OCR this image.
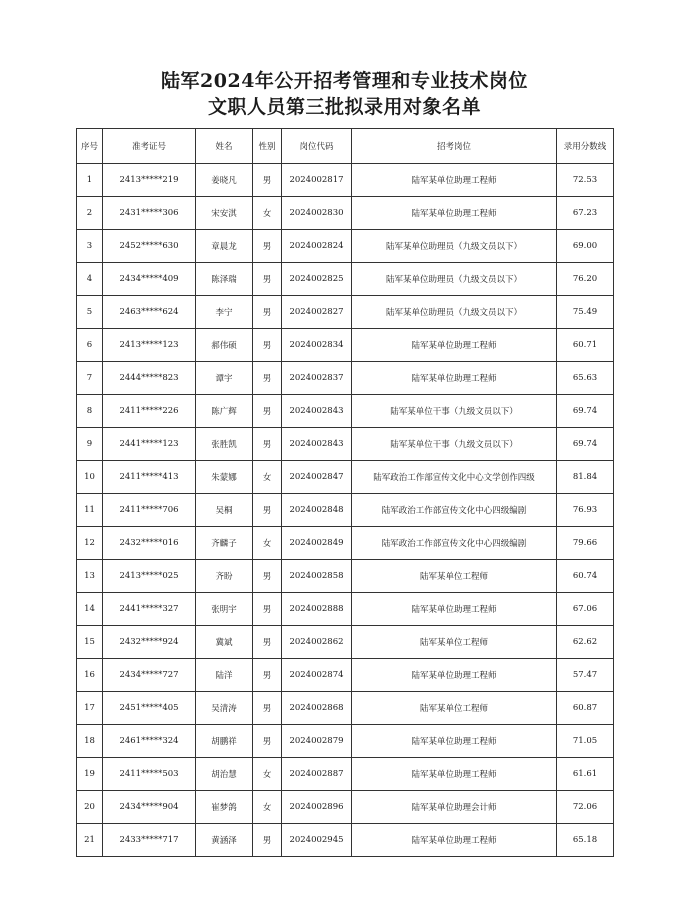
陆军2024年公开招考管理和专业技术岗位
文职人员第三批拟录用对象名单
序号	准考证号	姓名	性别	岗位代码	招考岗位	录用分数线
1	2413*****219	姜晓凡	男	2024002817	陆军某单位助理工程师	72.53
2	2431*****306	宋安淇	女	2024002830	陆军某单位助理工程师	67.23
3	2452*****630	章晨龙	男	2024002824	陆军某单位助理员（九级文员以下）	69.00
4	2434*****409	陈泽瑞	男	2024002825	陆军某单位助理员（九级文员以下）	76.20
5	2463*****624	李宁	男	2024002827	陆军某单位助理员（九级文员以下）	75.49
6	2413*****123	郝伟硕	男	2024002834	陆军某单位助理工程师	60.71
7	2444*****823	谭宇	男	2024002837	陆军某单位助理工程师	65.63
8	2411*****226	陈广辉	男	2024002843	陆军某单位干事（九级文员以下）	69.74
9	2441*****123	张胜凯	男	2024002843	陆军某单位干事（九级文员以下）	69.74
10	2411*****413	朱蒙娜	女	2024002847	陆军政治工作部宣传文化中心文学创作四级	81.84
11	2411*****706	吴桐	男	2024002848	陆军政治工作部宣传文化中心四级编剧	76.93
12	2432*****016	齐麟子	女	2024002849	陆军政治工作部宣传文化中心四级编剧	79.66
13	2413*****025	齐盼	男	2024002858	陆军某单位工程师	60.74
14	2441*****327	张明宇	男	2024002888	陆军某单位助理工程师	67.06
15	2432*****924	冀斌	男	2024002862	陆军某单位工程师	62.62
16	2434*****727	陆洋	男	2024002874	陆军某单位助理工程师	57.47
17	2451*****405	吴清涛	男	2024002868	陆军某单位工程师	60.87
18	2461*****324	胡鹏祥	男	2024002879	陆军某单位助理工程师	71.05
19	2411*****503	胡治慧	女	2024002887	陆军某单位助理工程师	61.61
20	2434*****904	崔梦鸽	女	2024002896	陆军某单位助理会计师	72.06
21	2433*****717	黄涵泽	男	2024002945	陆军某单位助理工程师	65.18
